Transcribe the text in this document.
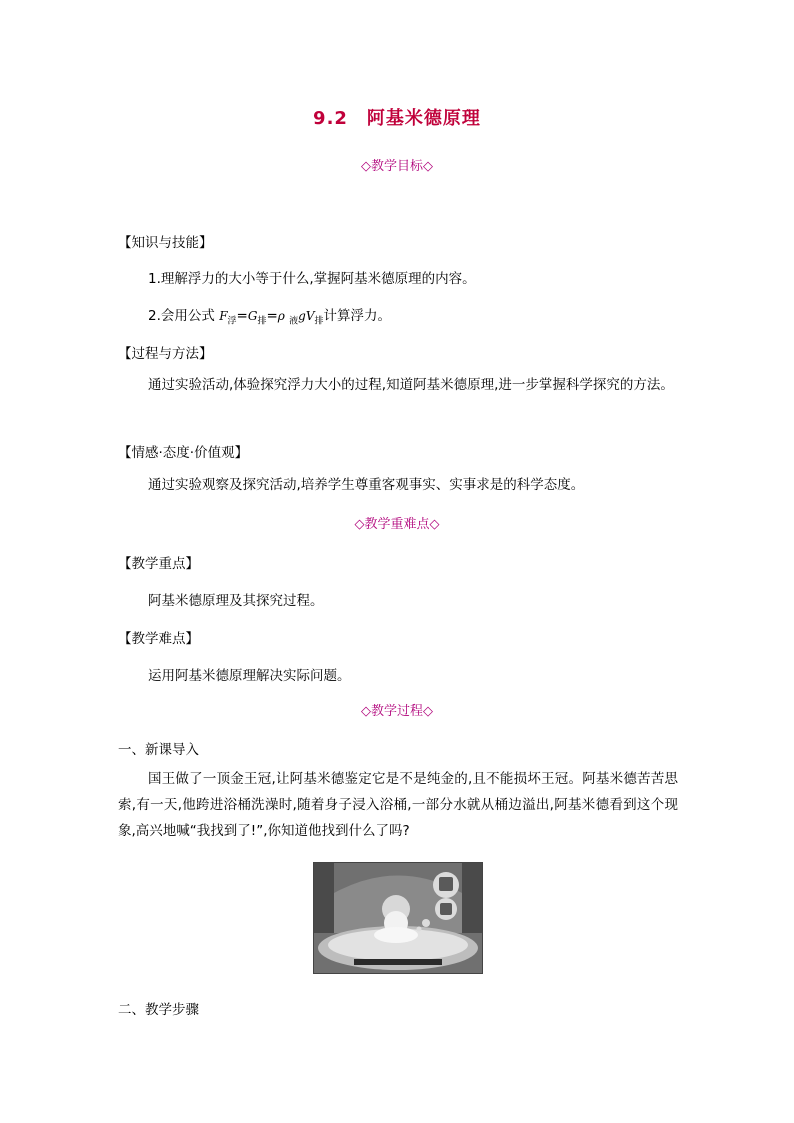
9.2　阿基米德原理
◇教学目标◇
【知识与技能】
1.理解浮力的大小等于什么,掌握阿基米德原理的内容。
2.会用公式 $F_浮=G_排=\rho$ $_液gV_排$计算浮力。
【过程与方法】
通过实验活动,体验探究浮力大小的过程,知道阿基米德原理,进一步掌握科学探究的方法。
【情感·态度·价值观】
通过实验观察及探究活动,培养学生尊重客观事实、实事求是的科学态度。
◇教学重难点◇
【教学重点】
阿基米德原理及其探究过程。
【教学难点】
运用阿基米德原理解决实际问题。
◇教学过程◇
一、新课导入
国王做了一顶金王冠,让阿基米德鉴定它是不是纯金的,且不能损坏王冠。阿基米德苦苦思索,有一天,他跨进浴桶洗澡时,随着身子浸入浴桶,一部分水就从桶边溢出,阿基米德看到这个现象,高兴地喊“我找到了!”,你知道他找到什么了吗?
二、教学步骤
